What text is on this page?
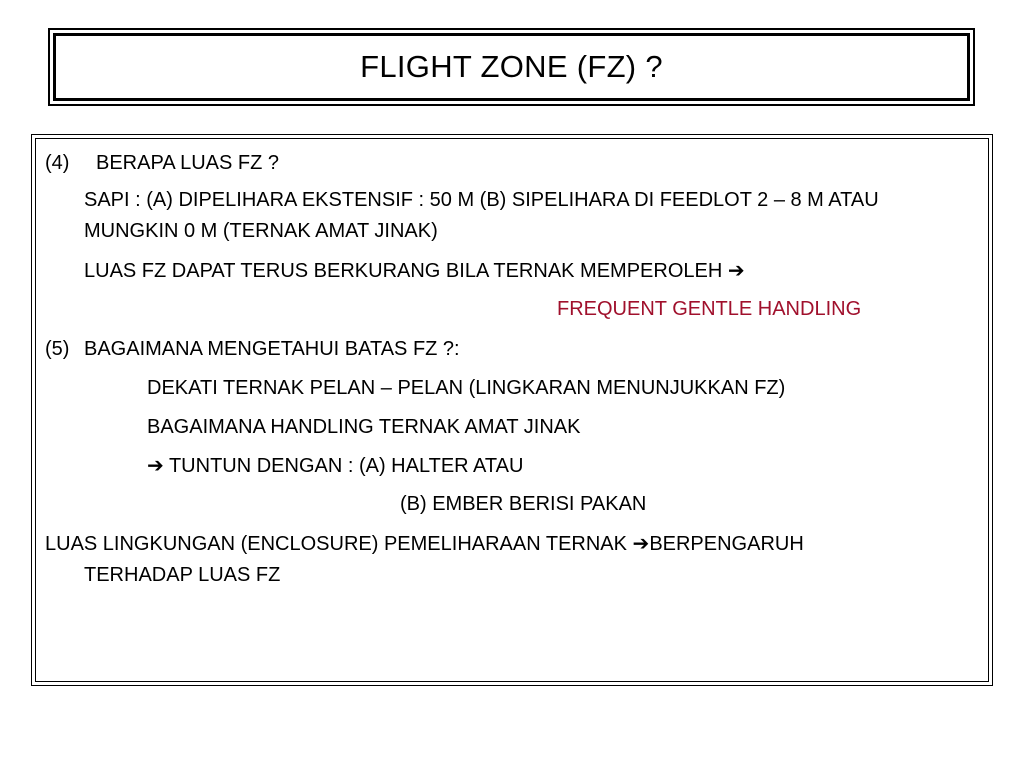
FLIGHT ZONE (FZ) ?
(4) BERAPA LUAS FZ ?
SAPI : (A) DIPELIHARA EKSTENSIF : 50 M (B) SIPELIHARA DI FEEDLOT 2 – 8 M ATAU
MUNGKIN 0 M (TERNAK AMAT JINAK)
LUAS FZ DAPAT TERUS BERKURANG BILA TERNAK MEMPEROLEH ➔
FREQUENT GENTLE HANDLING
(5) BAGAIMANA MENGETAHUI BATAS FZ ?:
DEKATI TERNAK PELAN – PELAN (LINGKARAN MENUNJUKKAN FZ)
BAGAIMANA HANDLING TERNAK AMAT JINAK
➔ TUNTUN DENGAN : (A) HALTER ATAU
(B) EMBER BERISI PAKAN
LUAS LINGKUNGAN (ENCLOSURE) PEMELIHARAAN TERNAK ➔BERPENGARUH
TERHADAP LUAS FZ
